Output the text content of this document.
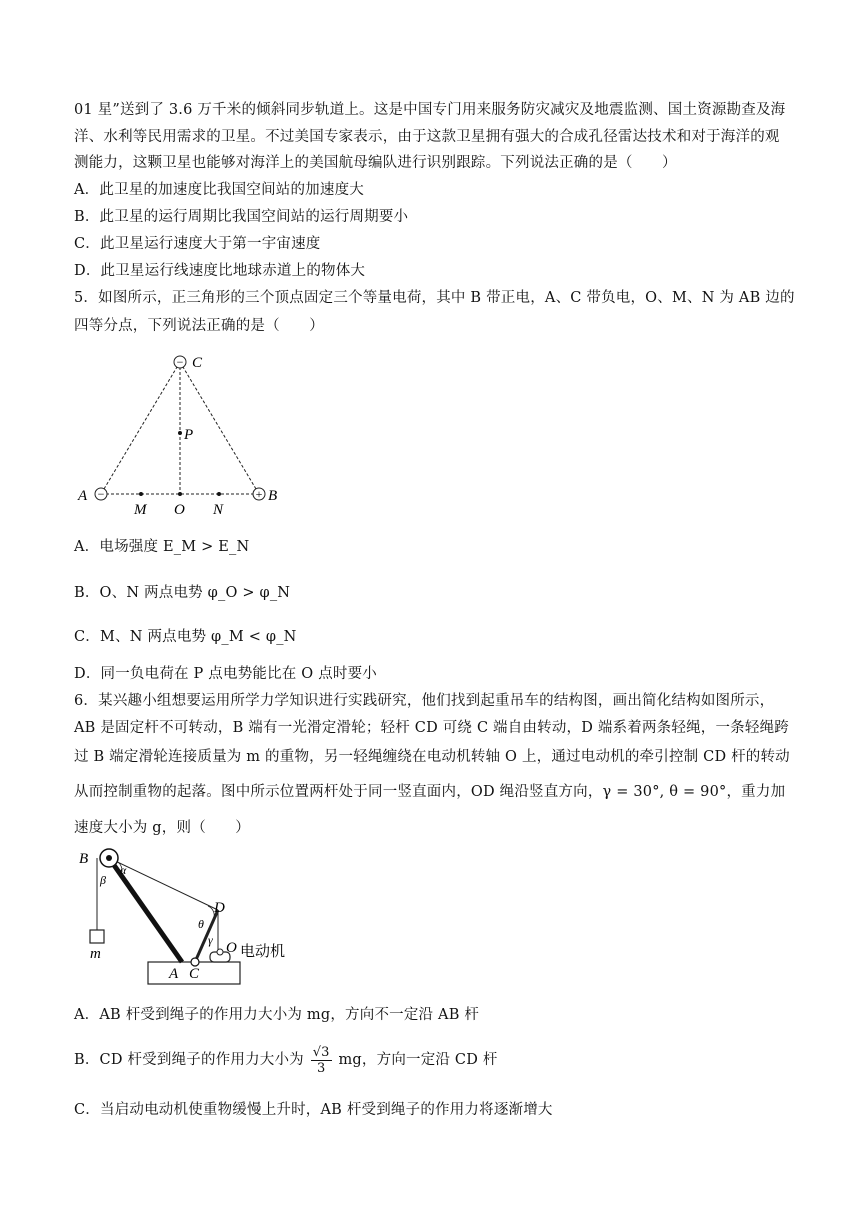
01 星”送到了 3.6 万千米的倾斜同步轨道上。这是中国专门用来服务防灾减灾及地震监测、国土资源勘查及海
洋、水利等民用需求的卫星。不过美国专家表示，由于这款卫星拥有强大的合成孔径雷达技术和对于海洋的观
测能力，这颗卫星也能够对海洋上的美国航母编队进行识别跟踪。下列说法正确的是（　　）
A．此卫星的加速度比我国空间站的加速度大
B．此卫星的运行周期比我国空间站的运行周期要小
C．此卫星运行速度大于第一宇宙速度
D．此卫星运行线速度比地球赤道上的物体大
5．如图所示，正三角形的三个顶点固定三个等量电荷，其中 B 带正电，A、C 带负电，O、M、N 为 AB 边的
四等分点，下列说法正确的是（　　）
−
−	+
C
P
A	B
M O N
A．电场强度 E_M > E_N
B．O、N 两点电势 φ_O > φ_N
C．M、N 两点电势 φ_M < φ_N
D．同一负电荷在 P 点电势能比在 O 点时要小
6．某兴趣小组想要运用所学力学知识进行实践研究，他们找到起重吊车的结构图，画出简化结构如图所示，
AB 是固定杆不可转动，B 端有一光滑定滑轮；轻杆 CD 可绕 C 端自由转动，D 端系着两条轻绳，一条轻绳跨
过 B 端定滑轮连接质量为 m 的重物，另一轻绳缠绕在电动机转轴 O 上，通过电动机的牵引控制 CD 杆的转动
从而控制重物的起落。图中所示位置两杆处于同一竖直面内，OD 绳沿竖直方向，γ = 30°, θ = 90°，重力加
速度大小为 g，则（　　）
B
α
β
D
θ
γ O 电动机
m
A C
A．AB 杆受到绳子的作用力大小为 mg，方向不一定沿 AB 杆
B．CD 杆受到绳子的作用力大小为 $\frac{√3}{3}$ mg，方向一定沿 CD 杆
C．当启动电动机使重物缓慢上升时，AB 杆受到绳子的作用力将逐渐增大
